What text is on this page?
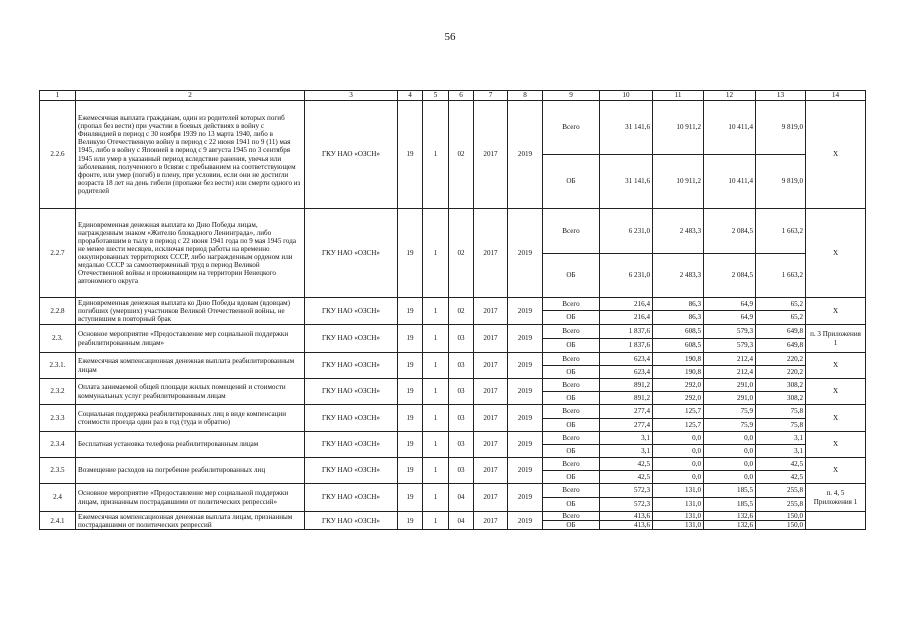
56
1	2	3	4	5	6	7	8	9	10	11	12	13	14
2.2.6	Ежемесячная выплата гражданам, один из родителей которых погиб (пропал без вести) при участии в боевых действиях в войну с Финляндией в период с 30 ноября 1939 по 13 марта 1940, либо в Великую Отечественную войну в период с 22 июня 1941 по 9 (11) мая 1945, либо в войну с Японией в период с 9 августа 1945 по 3 сентября 1945 или умер в указанный период вследствие ранения, увечья или заболевания, полученного в 0связи с пребыванием на соответствующем фронте, или умер (погиб) в плену, при условии, если они не достигли возраста 18 лет на день гибели (пропажи без вести) или смерти одного из родителей	ГКУ НАО «ОЗСН»	19	1	02	2017	2019	Всего	31 141,6	10 911,2	10 411,4	9 819,0	Х
								ОБ	31 141,6	10 911,2	10 411,4	9 819,0	
2.2.7	Единовременная денежная выплата ко Дню Победы лицам, награжденным знаком «Жителю блокадного Ленинграда», либо проработавшим в тылу в период с 22 июня 1941 года по 9 мая 1945 года не менее шести месяцев, исключая период работы на временно оккупированных территориях СССР, либо награжденным орденом или медалью СССР за самоотверженный труд в период Великой Отечественной войны и проживающим на территории Ненецкого автономного округа	ГКУ НАО «ОЗСН»	19	1	02	2017	2019	Всего	6 231,0	2 483,3	2 084,5	1 663,2	Х
								ОБ	6 231,0	2 483,3	2 084,5	1 663,2	
2.2.8	Единовременная денежная выплата ко Дню Победы вдовам (вдовцам) погибших (умерших) участников Великой Отечественной войны, не вступившим в повторный брак	ГКУ НАО «ОЗСН»	19	1	02	2017	2019	Всего	216,4	86,3	64,9	65,2	Х
								ОБ	216,4	86,3	64,9	65,2	
2.3.	Основное мероприятие «Предоставление мер социальной поддержки реабилитированным лицам»	ГКУ НАО «ОЗСН»	19	1	03	2017	2019	Всего	1 837,6	608,5	579,3	649,8	п. 3 Приложения 1
								ОБ	1 837,6	608,5	579,3	649,8	
2.3.1.	Ежемесячная компенсационная денежная выплата реабилитированным лицам	ГКУ НАО «ОЗСН»	19	1	03	2017	2019	Всего	623,4	190,8	212,4	220,2	Х
								ОБ	623,4	190,8	212,4	220,2	
2.3.2	Оплата занимаемой общей площади жилых помещений и стоимости коммунальных услуг реабилитированным лицам	ГКУ НАО «ОЗСН»	19	1	03	2017	2019	Всего	891,2	292,0	291,0	308,2	Х
								ОБ	891,2	292,0	291,0	308,2	
2.3.3	Социальная поддержка реабилитированных лиц в виде компенсации стоимости проезда один раз в год (туда и обратно)	ГКУ НАО «ОЗСН»	19	1	03	2017	2019	Всего	277,4	125,7	75,9	75,8	Х
								ОБ	277,4	125,7	75,9	75,8	
2.3.4	Бесплатная установка телефона реабилитированным лицам	ГКУ НАО «ОЗСН»	19	1	03	2017	2019	Всего	3,1	0,0	0,0	3,1	Х
								ОБ	3,1	0,0	0,0	3,1	
2.3.5	Возмещение расходов на погребение реабилитированных лиц	ГКУ НАО «ОЗСН»	19	1	03	2017	2019	Всего	42,5	0,0	0,0	42,5	Х
								ОБ	42,5	0,0	0,0	42,5	
2.4	Основное мероприятие «Предоставление мер социальной поддержки лицам, признанным пострадавшими от политических репрессий»	ГКУ НАО «ОЗСН»	19	1	04	2017	2019	Всего	572,3	131,0	185,5	255,8	п. 4, 5 Приложения 1
								ОБ	572,3	131,0	185,5	255,8	
2.4.1	Ежемесячная компенсационная денежная выплата лицам, признанным пострадавшими от политических репрессий	ГКУ НАО «ОЗСН»	19	1	04	2017	2019	Всего	413,6	131,0	132,6	150,0	
								ОБ	413,6	131,0	132,6	150,0	
